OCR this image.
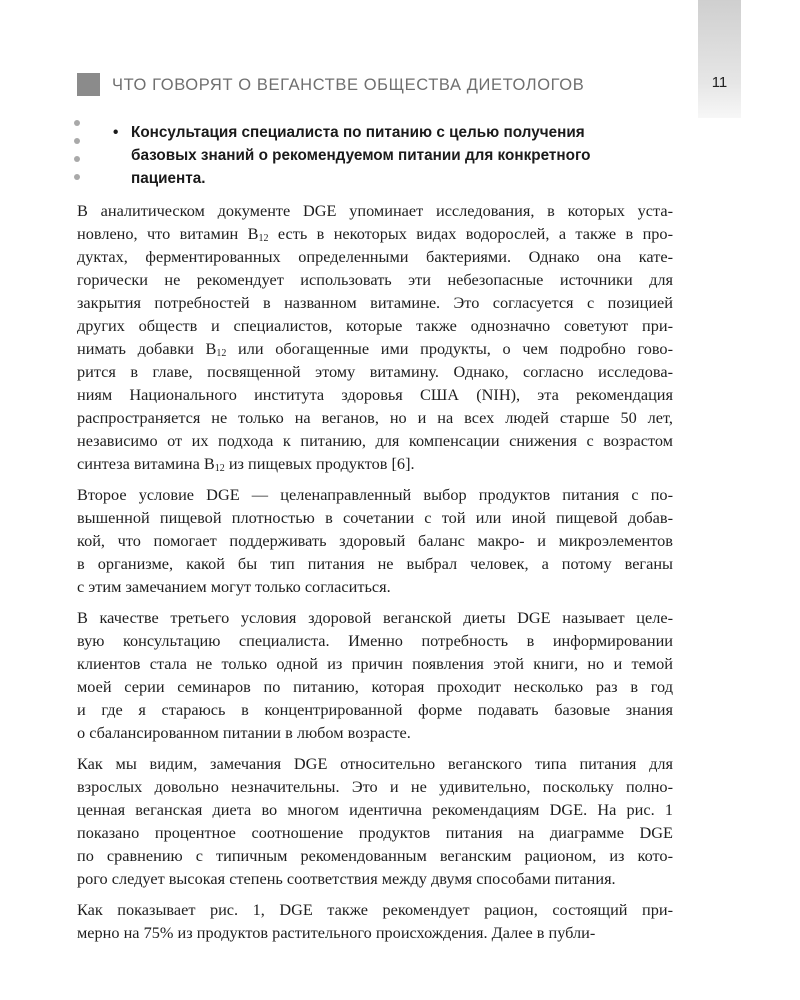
11
ЧТО ГОВОРЯТ О ВЕГАНСТВЕ ОБЩЕСТВА ДИЕТОЛОГОВ
• Консультация специалиста по питанию с целью получения
базовых знаний о рекомендуемом питании для конкретного
пациента.

В аналитическом документе DGE упоминает исследования, в которых уста-
новлено, что витамин $B_{12}$ есть в некоторых видах водорослей, а также в про-
дуктах, ферментированных определенными бактериями. Однако она кате-
горически не рекомендует использовать эти небезопасные источники для
закрытия потребностей в названном витамине. Это согласуется с позицией
других обществ и специалистов, которые также однозначно советуют при-
нимать добавки $B_{12}$ или обогащенные ими продукты, о чем подробно гово-
рится в главе, посвященной этому витамину. Однако, согласно исследова-
ниям Национального института здоровья США (NIH), эта рекомендация
распространяется не только на веганов, но и на всех людей старше 50 лет,
независимо от их подхода к питанию, для компенсации снижения с возрастом
синтеза витамина $B_{12}$ из пищевых продуктов [6].

Второе условие DGE — целенаправленный выбор продуктов питания с по-
вышенной пищевой плотностью в сочетании с той или иной пищевой добав-
кой, что помогает поддерживать здоровый баланс макро- и микроэлементов
в организме, какой бы тип питания не выбрал человек, а потому веганы
с этим замечанием могут только согласиться.

В качестве третьего условия здоровой веганской диеты DGE называет целе-
вую консультацию специалиста. Именно потребность в информировании
клиентов стала не только одной из причин появления этой книги, но и темой
моей серии семинаров по питанию, которая проходит несколько раз в год
и где я стараюсь в концентрированной форме подавать базовые знания
о сбалансированном питании в любом возрасте.

Как мы видим, замечания DGE относительно веганского типа питания для
взрослых довольно незначительны. Это и не удивительно, поскольку полно-
ценная веганская диета во многом идентична рекомендациям DGE. На рис. 1
показано процентное соотношение продуктов питания на диаграмме DGE
по сравнению с типичным рекомендованным веганским рационом, из кото-
рого следует высокая степень соответствия между двумя способами питания.

Как показывает рис. 1, DGE также рекомендует рацион, состоящий при-
мерно на 75% из продуктов растительного происхождения. Далее в публи-
